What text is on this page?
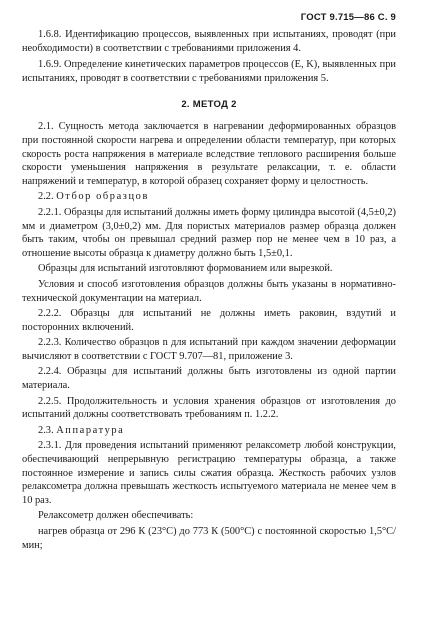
ГОСТ 9.715—86 С. 9

1.6.8. Идентификацию процессов, выявленных при испытаниях, проводят (при необходимости) в соответствии с требованиями приложения 4.

1.6.9. Определение кинетических параметров процессов (E, K), выявленных при испытаниях, проводят в соответствии с требованиями приложения 5.

2. МЕТОД 2

2.1. Сущность метода заключается в нагревании деформированных образцов при постоянной скорости нагрева и определении области температур, при которых скорость роста напряжения в материале вследствие теплового расширения больше скорости уменьшения напряжения в результате релаксации, т. е. области напряжений и температур, в которой образец сохраняет форму и целостность.

2.2. Отбор образцов

2.2.1. Образцы для испытаний должны иметь форму цилиндра высотой (4,5±0,2) мм и диаметром (3,0±0,2) мм. Для пористых материалов размер образца должен быть таким, чтобы он превышал средний размер пор не менее чем в 10 раз, а отношение высоты образца к диаметру должно быть 1,5±0,1.

Образцы для испытаний изготовляют формованием или вырезкой.

Условия и способ изготовления образцов должны быть указаны в нормативно-технической документации на материал.

2.2.2. Образцы для испытаний не должны иметь раковин, вздутий и посторонних включений.

2.2.3. Количество образцов n для испытаний при каждом значении деформации вычисляют в соответствии с ГОСТ 9.707—81, приложение 3.

2.2.4. Образцы для испытаний должны быть изготовлены из одной партии материала.

2.2.5. Продолжительность и условия хранения образцов от изготовления до испытаний должны соответствовать требованиям п. 1.2.2.

2.3. Аппаратура

2.3.1. Для проведения испытаний применяют релаксометр любой конструкции, обеспечивающий непрерывную регистрацию температуры образца, а также постоянное измерение и запись силы сжатия образца. Жесткость рабочих узлов релаксометра должна превышать жесткость испытуемого материала не менее чем в 10 раз.

Релаксометр должен обеспечивать:

нагрев образца от 296 К (23°С) до 773 К (500°С) с постоянной скоростью 1,5°С/мин;
